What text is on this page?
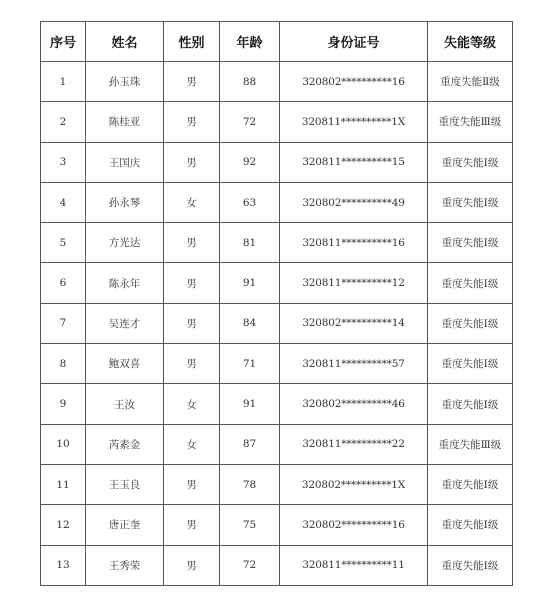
序号	姓名	性别	年龄	身份证号	失能等级
1	孙玉珠	男	88	320802**********16	重度失能Ⅱ级
2	陈桂亚	男	72	320811**********1X	重度失能Ⅲ级
3	王国庆	男	92	320811**********15	重度失能Ⅰ级
4	孙永琴	女	63	320802**********49	重度失能Ⅰ级
5	方光达	男	81	320811**********16	重度失能Ⅰ级
6	陈永年	男	91	320811**********12	重度失能Ⅰ级
7	吴连才	男	84	320802**********14	重度失能Ⅰ级
8	鲍双喜	男	71	320811**********57	重度失能Ⅰ级
9	王汝	女	91	320802**********46	重度失能Ⅰ级
10	芮素金	女	87	320811**********22	重度失能Ⅲ级
11	王玉良	男	78	320802**********1X	重度失能Ⅰ级
12	唐正奎	男	75	320802**********16	重度失能Ⅰ级
13	王秀荣	男	72	320811**********11	重度失能Ⅰ级
